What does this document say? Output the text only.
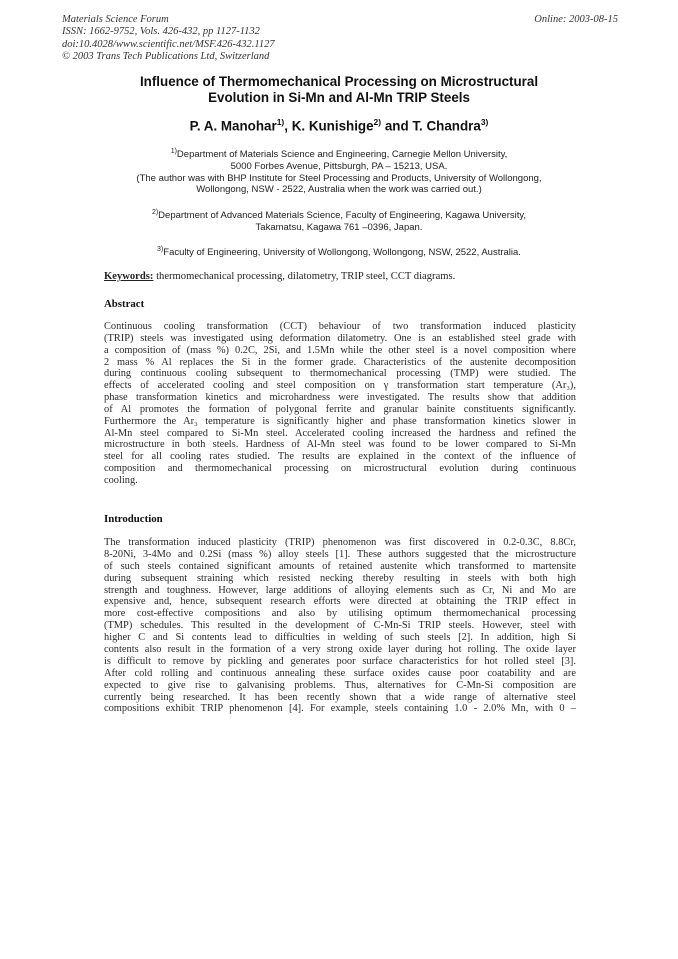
Materials Science Forum
ISSN: 1662-9752, Vols. 426-432, pp 1127-1132
doi:10.4028/www.scientific.net/MSF.426-432.1127
© 2003 Trans Tech Publications Ltd, Switzerland
Online: 2003-08-15
Influence of Thermomechanical Processing on Microstructural
Evolution in Si-Mn and Al-Mn TRIP Steels
P. A. Manohar$^{1)}$, K. Kunishige$^{2)}$ and T. Chandra$^{3)}$
$^{1)}$Department of Materials Science and Engineering, Carnegie Mellon University,
5000 Forbes Avenue, Pittsburgh, PA – 15213, USA.
(The author was with BHP Institute for Steel Processing and Products, University of Wollongong,
Wollongong, NSW - 2522, Australia when the work was carried out.)
$^{2)}$Department of Advanced Materials Science, Faculty of Engineering, Kagawa University,
Takamatsu, Kagawa 761 –0396, Japan.
$^{3)}$Faculty of Engineering, University of Wollongong, Wollongong, NSW, 2522, Australia.
Keywords: thermomechanical processing, dilatometry, TRIP steel, CCT diagrams.
Abstract
Continuous cooling transformation (CCT) behaviour of two transformation induced plasticity
(TRIP) steels was investigated using deformation dilatometry. One is an established steel grade with
a composition of (mass %) 0.2C, 2Si, and 1.5Mn while the other steel is a novel composition where
2 mass % Al replaces the Si in the former grade. Characteristics of the austenite decomposition
during continuous cooling subsequent to thermomechanical processing (TMP) were studied. The
effects of accelerated cooling and steel composition on γ transformation start temperature (Ar₃),
phase transformation kinetics and microhardness were investigated. The results show that addition
of Al promotes the formation of polygonal ferrite and granular bainite constituents significantly.
Furthermore the Ar₃ temperature is significantly higher and phase transformation kinetics slower in
Al-Mn steel compared to Si-Mn steel. Accelerated cooling increased the hardness and refined the
microstructure in both steels. Hardness of Al-Mn steel was found to be lower compared to Si-Mn
steel for all cooling rates studied. The results are explained in the context of the influence of
composition and thermomechanical processing on microstructural evolution during continuous
cooling.
Introduction
The transformation induced plasticity (TRIP) phenomenon was first discovered in 0.2-0.3C, 8.8Cr,
8-20Ni, 3-4Mo and 0.2Si (mass %) alloy steels [1]. These authors suggested that the microstructure
of such steels contained significant amounts of retained austenite which transformed to martensite
during subsequent straining which resisted necking thereby resulting in steels with both high
strength and toughness. However, large additions of alloying elements such as Cr, Ni and Mo are
expensive and, hence, subsequent research efforts were directed at obtaining the TRIP effect in
more cost-effective compositions and also by utilising optimum thermomechanical processing
(TMP) schedules. This resulted in the development of C-Mn-Si TRIP steels. However, steel with
higher C and Si contents lead to difficulties in welding of such steels [2]. In addition, high Si
contents also result in the formation of a very strong oxide layer during hot rolling. The oxide layer
is difficult to remove by pickling and generates poor surface characteristics for hot rolled steel [3].
After cold rolling and continuous annealing these surface oxides cause poor coatability and are
expected to give rise to galvanising problems. Thus, alternatives for C-Mn-Si composition are
currently being researched. It has been recently shown that a wide range of alternative steel
compositions exhibit TRIP phenomenon [4]. For example, steels containing 1.0 - 2.0% Mn, with 0 –
